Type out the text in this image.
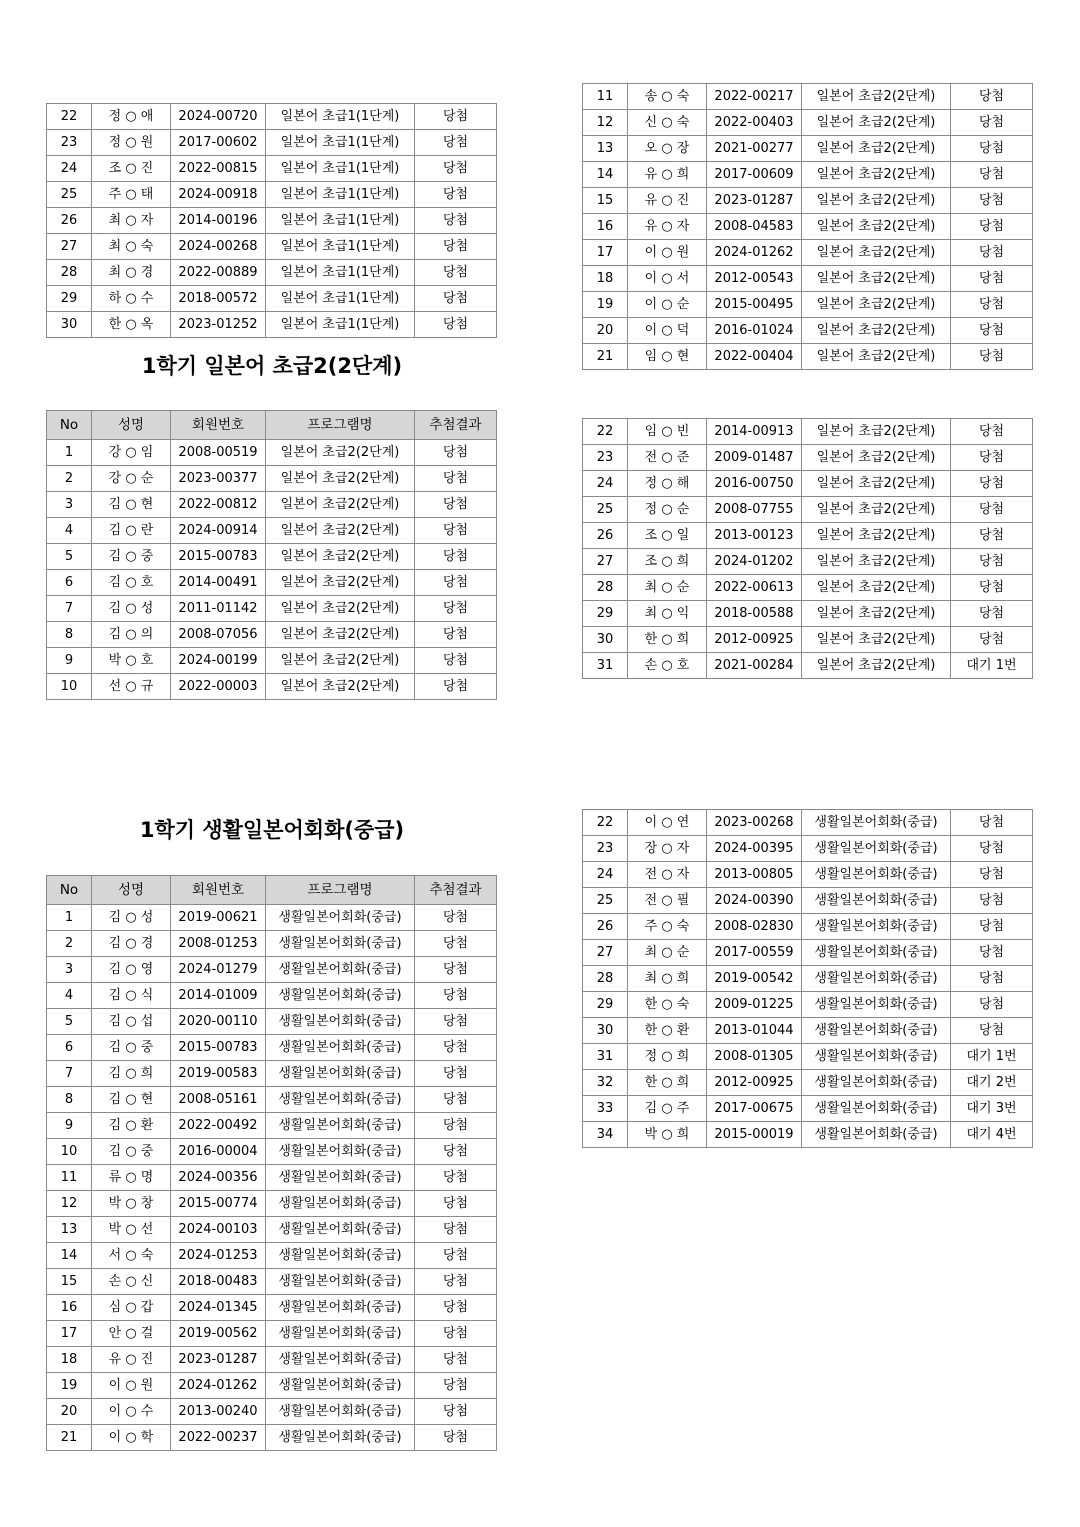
22	정 ○ 애	2024-00720	일본어 초급1(1단계)	당첨
23	정 ○ 원	2017-00602	일본어 초급1(1단계)	당첨
24	조 ○ 진	2022-00815	일본어 초급1(1단계)	당첨
25	주 ○ 태	2024-00918	일본어 초급1(1단계)	당첨
26	최 ○ 자	2014-00196	일본어 초급1(1단계)	당첨
27	최 ○ 숙	2024-00268	일본어 초급1(1단계)	당첨
28	최 ○ 경	2022-00889	일본어 초급1(1단계)	당첨
29	하 ○ 수	2018-00572	일본어 초급1(1단계)	당첨
30	한 ○ 옥	2023-01252	일본어 초급1(1단계)	당첨
1학기 일본어 초급2(2단계)
No	성명	회원번호	프로그램명	추첨결과
1	강 ○ 임	2008-00519	일본어 초급2(2단계)	당첨
2	강 ○ 순	2023-00377	일본어 초급2(2단계)	당첨
3	김 ○ 현	2022-00812	일본어 초급2(2단계)	당첨
4	김 ○ 란	2024-00914	일본어 초급2(2단계)	당첨
5	김 ○ 중	2015-00783	일본어 초급2(2단계)	당첨
6	김 ○ 호	2014-00491	일본어 초급2(2단계)	당첨
7	김 ○ 성	2011-01142	일본어 초급2(2단계)	당첨
8	김 ○ 의	2008-07056	일본어 초급2(2단계)	당첨
9	박 ○ 호	2024-00199	일본어 초급2(2단계)	당첨
10	선 ○ 규	2022-00003	일본어 초급2(2단계)	당첨
11	송 ○ 숙	2022-00217	일본어 초급2(2단계)	당첨
12	신 ○ 숙	2022-00403	일본어 초급2(2단계)	당첨
13	오 ○ 장	2021-00277	일본어 초급2(2단계)	당첨
14	유 ○ 희	2017-00609	일본어 초급2(2단계)	당첨
15	유 ○ 진	2023-01287	일본어 초급2(2단계)	당첨
16	유 ○ 자	2008-04583	일본어 초급2(2단계)	당첨
17	이 ○ 원	2024-01262	일본어 초급2(2단계)	당첨
18	이 ○ 서	2012-00543	일본어 초급2(2단계)	당첨
19	이 ○ 순	2015-00495	일본어 초급2(2단계)	당첨
20	이 ○ 덕	2016-01024	일본어 초급2(2단계)	당첨
21	임 ○ 현	2022-00404	일본어 초급2(2단계)	당첨
22	임 ○ 빈	2014-00913	일본어 초급2(2단계)	당첨
23	전 ○ 준	2009-01487	일본어 초급2(2단계)	당첨
24	정 ○ 해	2016-00750	일본어 초급2(2단계)	당첨
25	정 ○ 순	2008-07755	일본어 초급2(2단계)	당첨
26	조 ○ 일	2013-00123	일본어 초급2(2단계)	당첨
27	조 ○ 희	2024-01202	일본어 초급2(2단계)	당첨
28	최 ○ 순	2022-00613	일본어 초급2(2단계)	당첨
29	최 ○ 익	2018-00588	일본어 초급2(2단계)	당첨
30	한 ○ 희	2012-00925	일본어 초급2(2단계)	당첨
31	손 ○ 호	2021-00284	일본어 초급2(2단계)	대기 1번
1학기 생활일본어회화(중급)
No	성명	회원번호	프로그램명	추첨결과
1	김 ○ 성	2019-00621	생활일본어회화(중급)	당첨
2	김 ○ 경	2008-01253	생활일본어회화(중급)	당첨
3	김 ○ 영	2024-01279	생활일본어회화(중급)	당첨
4	김 ○ 식	2014-01009	생활일본어회화(중급)	당첨
5	김 ○ 섭	2020-00110	생활일본어회화(중급)	당첨
6	김 ○ 중	2015-00783	생활일본어회화(중급)	당첨
7	김 ○ 희	2019-00583	생활일본어회화(중급)	당첨
8	김 ○ 현	2008-05161	생활일본어회화(중급)	당첨
9	김 ○ 환	2022-00492	생활일본어회화(중급)	당첨
10	김 ○ 중	2016-00004	생활일본어회화(중급)	당첨
11	류 ○ 명	2024-00356	생활일본어회화(중급)	당첨
12	박 ○ 창	2015-00774	생활일본어회화(중급)	당첨
13	박 ○ 선	2024-00103	생활일본어회화(중급)	당첨
14	서 ○ 숙	2024-01253	생활일본어회화(중급)	당첨
15	손 ○ 신	2018-00483	생활일본어회화(중급)	당첨
16	심 ○ 갑	2024-01345	생활일본어회화(중급)	당첨
17	안 ○ 걸	2019-00562	생활일본어회화(중급)	당첨
18	유 ○ 진	2023-01287	생활일본어회화(중급)	당첨
19	이 ○ 원	2024-01262	생활일본어회화(중급)	당첨
20	이 ○ 수	2013-00240	생활일본어회화(중급)	당첨
21	이 ○ 학	2022-00237	생활일본어회화(중급)	당첨
22	이 ○ 연	2023-00268	생활일본어회화(중급)	당첨
23	장 ○ 자	2024-00395	생활일본어회화(중급)	당첨
24	전 ○ 자	2013-00805	생활일본어회화(중급)	당첨
25	전 ○ 필	2024-00390	생활일본어회화(중급)	당첨
26	주 ○ 숙	2008-02830	생활일본어회화(중급)	당첨
27	최 ○ 순	2017-00559	생활일본어회화(중급)	당첨
28	최 ○ 희	2019-00542	생활일본어회화(중급)	당첨
29	한 ○ 숙	2009-01225	생활일본어회화(중급)	당첨
30	한 ○ 환	2013-01044	생활일본어회화(중급)	당첨
31	정 ○ 희	2008-01305	생활일본어회화(중급)	대기 1번
32	한 ○ 희	2012-00925	생활일본어회화(중급)	대기 2번
33	김 ○ 주	2017-00675	생활일본어회화(중급)	대기 3번
34	박 ○ 희	2015-00019	생활일본어회화(중급)	대기 4번
